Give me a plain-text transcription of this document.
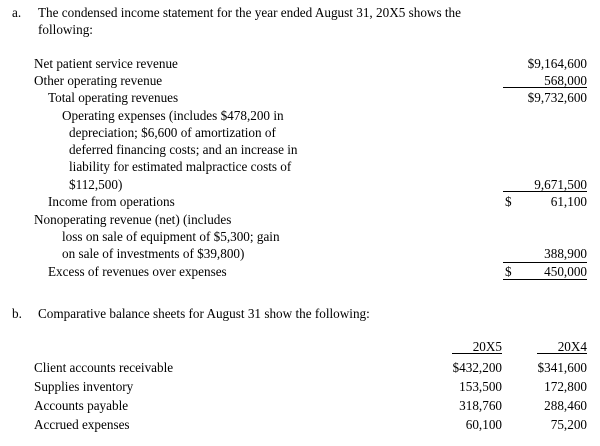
a. The condensed income statement for the year ended August 31, 20X5 shows the
following:
Net patient service revenue	$9,164,600
Other operating revenue	568,000
Total operating revenues	$9,732,600
Operating expenses (includes $478,200 in
depreciation; $6,600 of amortization of
deferred financing costs; and an increase in
liability for estimated malpractice costs of
$112,500)	9,671,500
Income from operations	$	61,100
Nonoperating revenue (net) (includes
loss on sale of equipment of $5,300; gain
on sale of investments of $39,800)	388,900
Excess of revenues over expenses	$	450,000
b. Comparative balance sheets for August 31 show the following:
20X5	20X4
Client accounts receivable	$432,200	$341,600
Supplies inventory	153,500	172,800
Accounts payable	318,760	288,460
Accrued expenses	60,100	75,200
